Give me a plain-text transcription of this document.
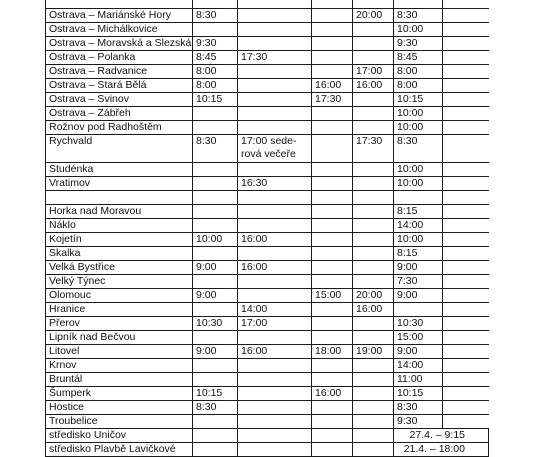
Ostrava – Mariánské Hory	8:30			20:00	8:30	
Ostrava – Michálkovice					10:00	
Ostrava – Moravská a Slezská	9:30				9:30	
Ostrava – Polanka	8:45	17:30			8:45	
Ostrava – Radvanice	8:00			17:00	8:00	
Ostrava – Stará Bělá	8:00		16:00	16:00	8:00	
Ostrava – Svinov	10:15		17:30		10:15	
Ostrava – Zábřeh					10:00	
Rožnov pod Radhoštěm					10:00	
Rychvald	8:30	17:00 sede-rová večeře		17:30	8:30	
Studénka					10:00	
Vratimov		16:30			10:00	

Horka nad Moravou					8:15	
Náklo					14:00	
Kojetín	10:00	16:00			10:00	
Skalka					8:15	
Velká Bystřice	9:00	16:00			9:00	
Velký Týnec					7:30	
Olomouc	9:00		15:00	20:00	9:00	
Hranice		14:00		16:00		
Přerov	10:30	17:00			10:30	
Lipník nad Bečvou					15:00	
Litovel	9:00	16:00	18:00	19:00	9:00	
Krnov					14:00	
Bruntál					11:00	
Šumperk	10:15		16:00		10:15	
Hostice	8:30				8:30	
Troubelice					9:30	
středisko Uničov					27.4. – 9:15	
středisko Plavbě Lavičkové					21.4. – 18:00	
